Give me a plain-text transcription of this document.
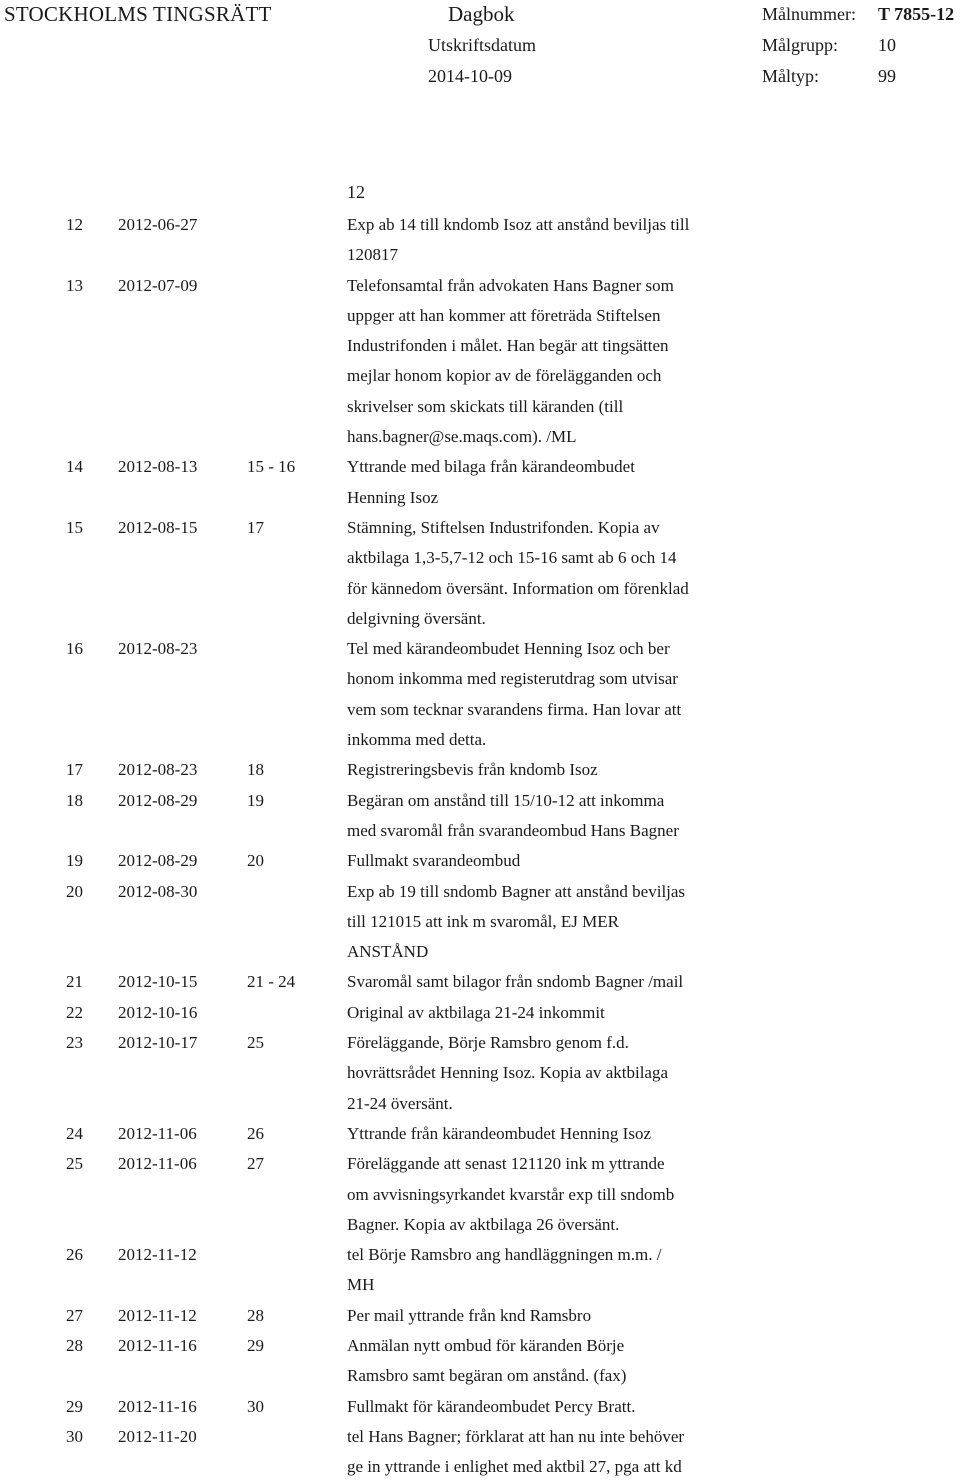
STOCKHOLMS TINGSRÄTT	Dagbok
Utskriftsdatum
2014-10-09
Målnummer: T 7855-12
Målgrupp: 10
Måltyp:	99
12
12 2012-06-27	Exp ab 14 till kndomb Isoz att anstånd beviljas till
120817
13 2012-07-09	Telefonsamtal från advokaten Hans Bagner som
uppger att han kommer att företräda Stiftelsen
Industrifonden i målet. Han begär att tingsätten
mejlar honom kopior av de förelägganden och
skrivelser som skickats till käranden (till
hans.bagner@se.maqs.com). /ML
14 2012-08-13	15 - 16	Yttrande med bilaga från kärandeombudet
Henning Isoz
15 2012-08-15	17	Stämning, Stiftelsen Industrifonden. Kopia av
aktbilaga 1,3-5,7-12 och 15-16 samt ab 6 och 14
för kännedom översänt. Information om förenklad
delgivning översänt.
16 2012-08-23	Tel med kärandeombudet Henning Isoz och ber
honom inkomma med registerutdrag som utvisar
vem som tecknar svarandens firma. Han lovar att
inkomma med detta.
17 2012-08-23	18	Registreringsbevis från kndomb Isoz
18 2012-08-29	19	Begäran om anstånd till 15/10-12 att inkomma
med svaromål från svarandeombud Hans Bagner
19 2012-08-29	20	Fullmakt svarandeombud
20 2012-08-30	Exp ab 19 till sndomb Bagner att anstånd beviljas
till 121015 att ink m svaromål, EJ MER
ANSTÅND
21 2012-10-15	21 - 24	Svaromål samt bilagor från sndomb Bagner /mail
22 2012-10-16	Original av aktbilaga 21-24 inkommit
23 2012-10-17	25	Föreläggande, Börje Ramsbro genom f.d.
hovrättsrådet Henning Isoz. Kopia av aktbilaga
21-24 översänt.
24 2012-11-06	26	Yttrande från kärandeombudet Henning Isoz
25 2012-11-06	27	Föreläggande att senast 121120 ink m yttrande
om avvisningsyrkandet kvarstår exp till sndomb
Bagner. Kopia av aktbilaga 26 översänt.
26 2012-11-12	tel Börje Ramsbro ang handläggningen m.m. /
MH
27 2012-11-12	28	Per mail yttrande från knd Ramsbro
28 2012-11-16	29	Anmälan nytt ombud för käranden Börje
Ramsbro samt begäran om anstånd. (fax)
29 2012-11-16	30	Fullmakt för kärandeombudet Percy Bratt.
30 2012-11-20	tel Hans Bagner; förklarat att han nu inte behöver
ge in yttrande i enlighet med aktbil 27, pga att kd
